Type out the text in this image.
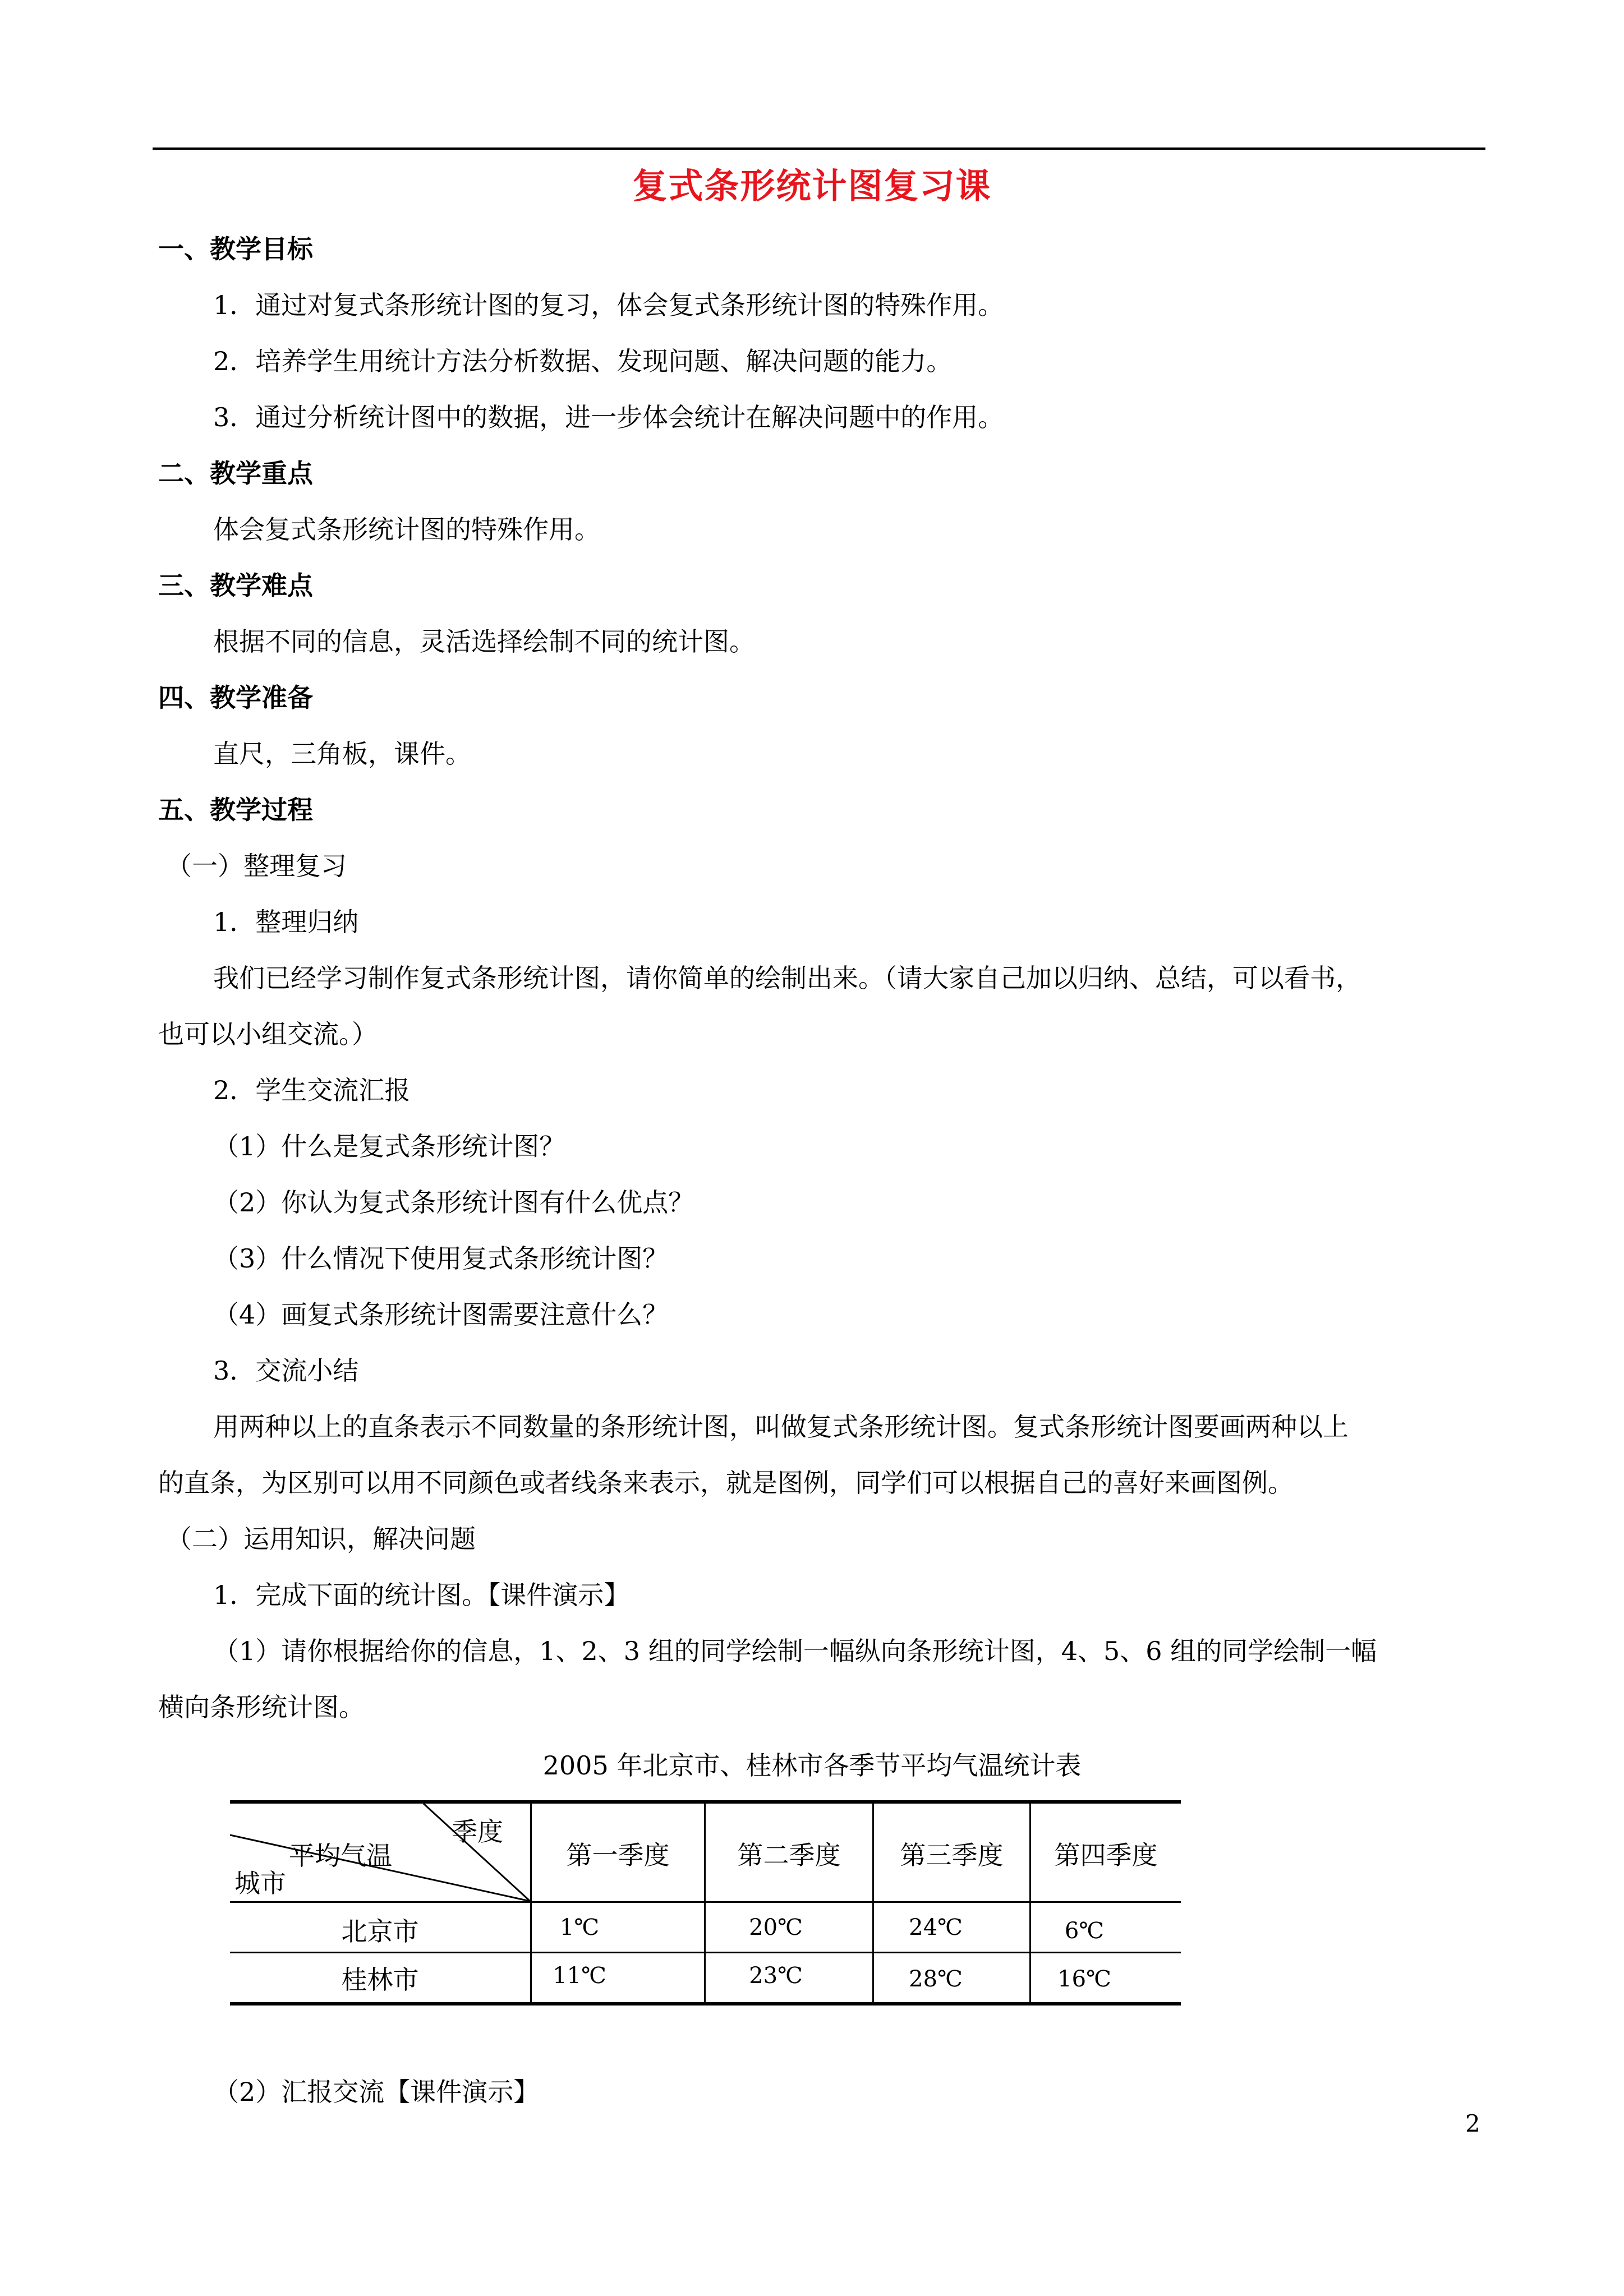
复式条形统计图复习课
一、教学目标
1．通过对复式条形统计图的复习，体会复式条形统计图的特殊作用。
2．培养学生用统计方法分析数据、发现问题、解决问题的能力。
3．通过分析统计图中的数据，进一步体会统计在解决问题中的作用。
二、教学重点
体会复式条形统计图的特殊作用。
三、教学难点
根据不同的信息，灵活选择绘制不同的统计图。
四、教学准备
直尺，三角板，课件。
五、教学过程
（一）整理复习
1．整理归纳
我们已经学习制作复式条形统计图，请你简单的绘制出来。（请大家自己加以归纳、总结，可以看书，
也可以小组交流。）
2．学生交流汇报
（1）什么是复式条形统计图？
（2）你认为复式条形统计图有什么优点？
（3）什么情况下使用复式条形统计图？
（4）画复式条形统计图需要注意什么？
3．交流小结
用两种以上的直条表示不同数量的条形统计图，叫做复式条形统计图。复式条形统计图要画两种以上
的直条，为区别可以用不同颜色或者线条来表示，就是图例，同学们可以根据自己的喜好来画图例。
（二）运用知识，解决问题
1．完成下面的统计图。【课件演示】
（1）请你根据给你的信息，1、2、3 组的同学绘制一幅纵向条形统计图，4、5、6 组的同学绘制一幅
横向条形统计图。
2005 年北京市、桂林市各季节平均气温统计表
季度
平均气温
城市
第一季度	第二季度	第三季度	第四季度
北京市	1℃	20℃	24℃	6℃
桂林市	11℃	23℃	28℃	16℃
（2）汇报交流【课件演示】
2
